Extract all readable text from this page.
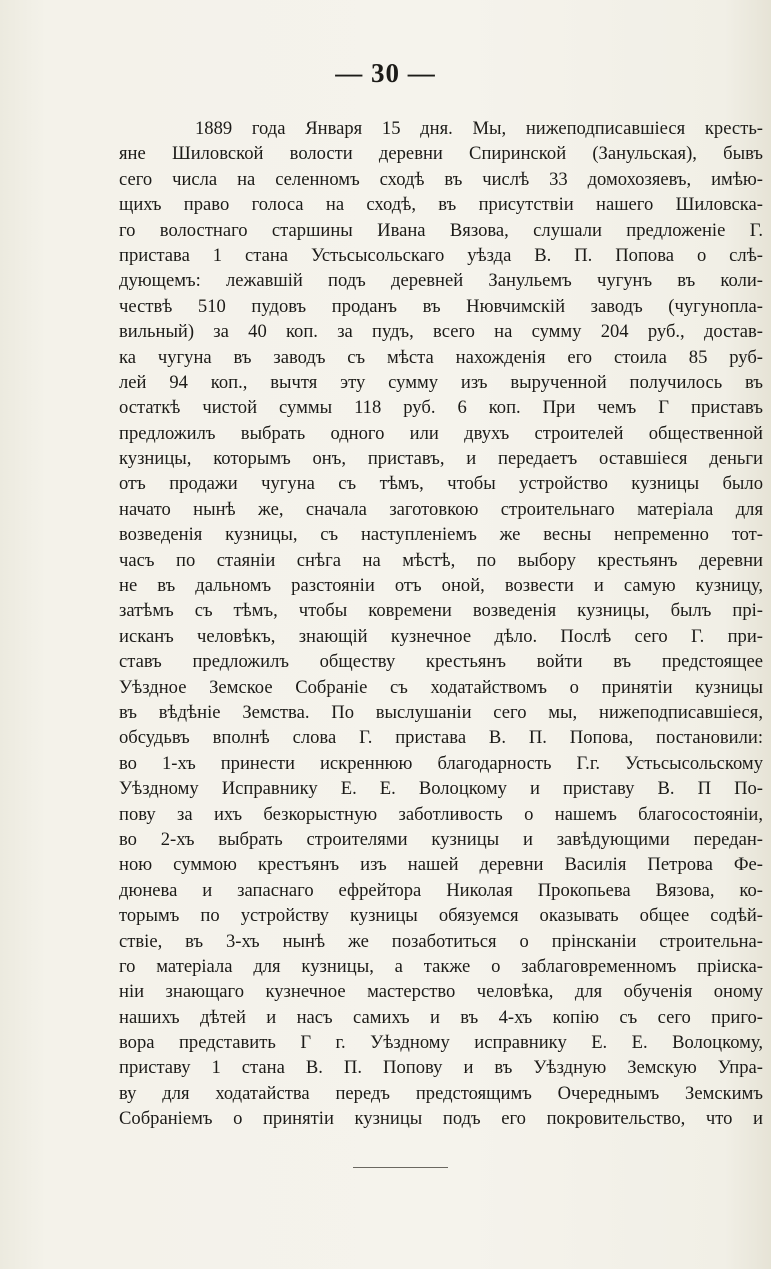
— 30 —
1889 года Января 15 дня. Мы, нижеподписавшіеся кресть-
яне Шиловской волости деревни Спиринской (Занульская), бывъ
сего числа на селенномъ сходѣ въ числѣ 33 домохозяевъ, имѣю-
щихъ право голоса на сходѣ, въ присутствіи нашего Шиловска-
го волостнаго старшины Ивана Вязова, слушали предложеніе Г.
пристава 1 стана Устьсысольскаго уѣзда В. П. Попова о слѣ-
дующемъ: лежавшій подъ деревней Занульемъ чугунъ въ коли-
чествѣ 510 пудовъ проданъ въ Нювчимскій заводъ (чугунопла-
вильный) за 40 коп. за пудъ, всего на сумму 204 руб., достав-
ка чугуна въ заводъ съ мѣста нахожденія его стоила 85 руб-
лей 94 коп., вычтя эту сумму изъ вырученной получилось въ
остаткѣ чистой суммы 118 руб. 6 коп. При чемъ Г приставъ
предложилъ выбрать одного или двухъ строителей общественной
кузницы, которымъ онъ, приставъ, и передаетъ оставшіеся деньги
отъ продажи чугуна съ тѣмъ, чтобы устройство кузницы было
начато нынѣ же, сначала заготовкою строительнаго матеріала для
возведенія кузницы, съ наступленіемъ же весны непременно тот-
часъ по стаяніи снѣга на мѣстѣ, по выбору крестьянъ деревни
не въ дальномъ разстояніи отъ оной, возвести и самую кузницу,
затѣмъ съ тѣмъ, чтобы ковремени возведенія кузницы, былъ прі-
исканъ человѣкъ, знающій кузнечное дѣло. Послѣ сего Г. при-
ставъ предложилъ обществу крестьянъ войти въ предстоящее
Уѣздное Земское Собраніе съ ходатайствомъ о принятіи кузницы
въ вѣдѣніе Земства. По выслушаніи сего мы, нижеподписавшіеся,
обсудьвъ вполнѣ слова Г. пристава В. П. Попова, постановили:
во 1-хъ принести искреннюю благодарность Г.г. Устьсысольскому
Уѣздному Исправнику Е. Е. Волоцкому и приставу В. П По-
пову за ихъ безкорыстную заботливость о нашемъ благосостояніи,
во 2-хъ выбрать строителями кузницы и завѣдующими передан-
ною суммою крестъянъ изъ нашей деревни Василія Петрова Фе-
дюнева и запаснаго ефрейтора Николая Прокопьева Вязова, ко-
торымъ по устройству кузницы обязуемся оказывать общее содѣй-
ствіе, въ 3-хъ нынѣ же позаботиться о прінсканіи строительна-
го матеріала для кузницы, а также о заблаговременномъ пріиска-
ніи знающаго кузнечное мастерство человѣка, для обученія оному
нашихъ дѣтей и насъ самихъ и въ 4-хъ копію съ сего приго-
вора представить Г г. Уѣздному исправнику Е. Е. Волоцкому,
приставу 1 стана В. П. Попову и въ Уѣздную Земскую Упра-
ву для ходатайства передъ предстоящимъ Очереднымъ Земскимъ
Собраніемъ о принятіи кузницы подъ его покровительство, что и
